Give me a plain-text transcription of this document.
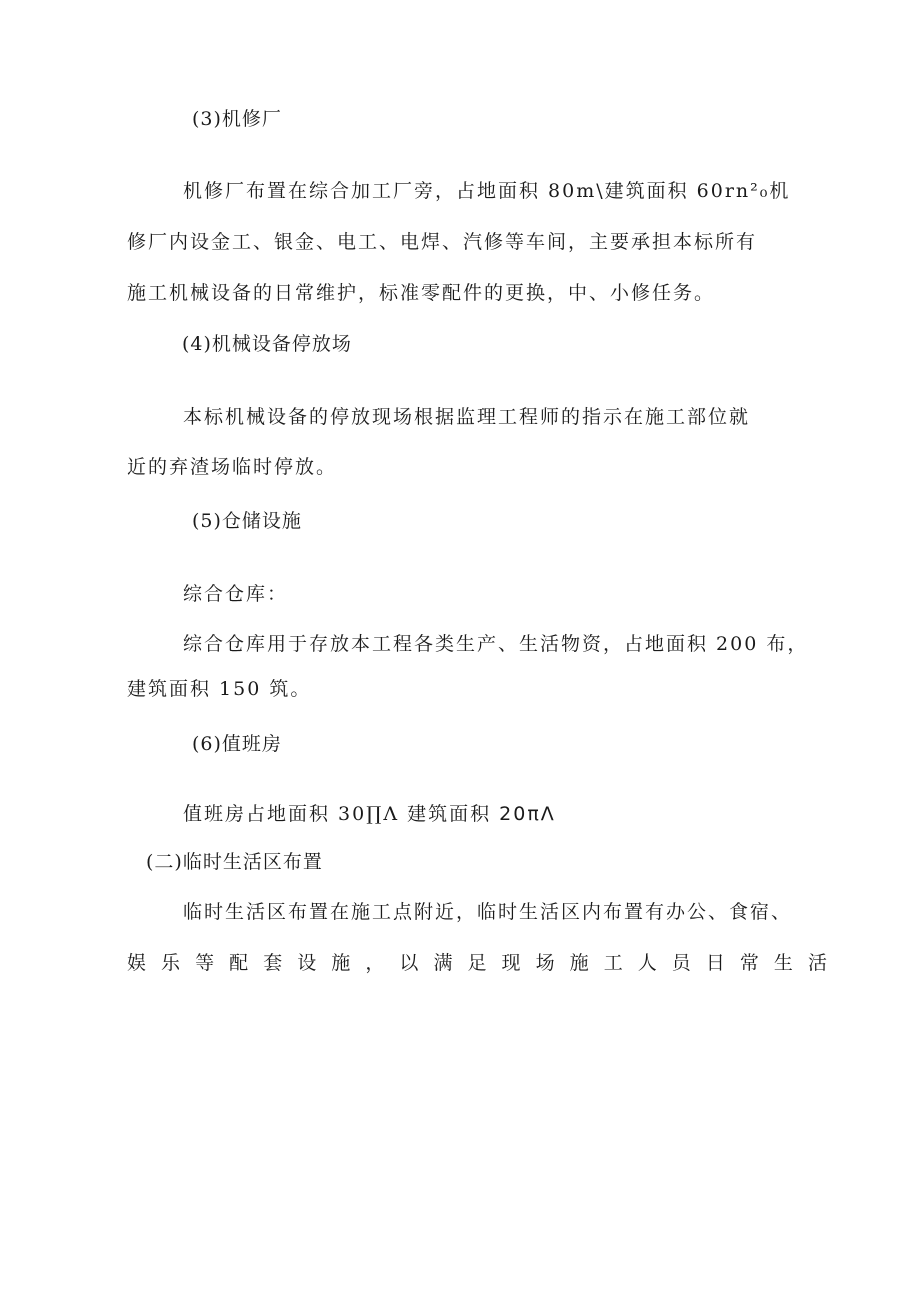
(3)机修厂
机修厂布置在综合加工厂旁，占地面积 80m\建筑面积 60rn²₀机
修厂内设金工、银金、电工、电焊、汽修等车间，主要承担本标所有
施工机械设备的日常维护，标准零配件的更换，中、小修任务。
(4)机械设备停放场
本标机械设备的停放现场根据监理工程师的指示在施工部位就
近的弃渣场临时停放。
(5)仓储设施
综合仓库：
综合仓库用于存放本工程各类生产、生活物资，占地面积 200 布，
建筑面积 150 筑。
(6)值班房
值班房占地面积 30∏Λ 建筑面积 20πΛ
(二)临时生活区布置
临时生活区布置在施工点附近，临时生活区内布置有办公、食宿、
娱乐等配套设施，以满足现场施工人员日常生活
